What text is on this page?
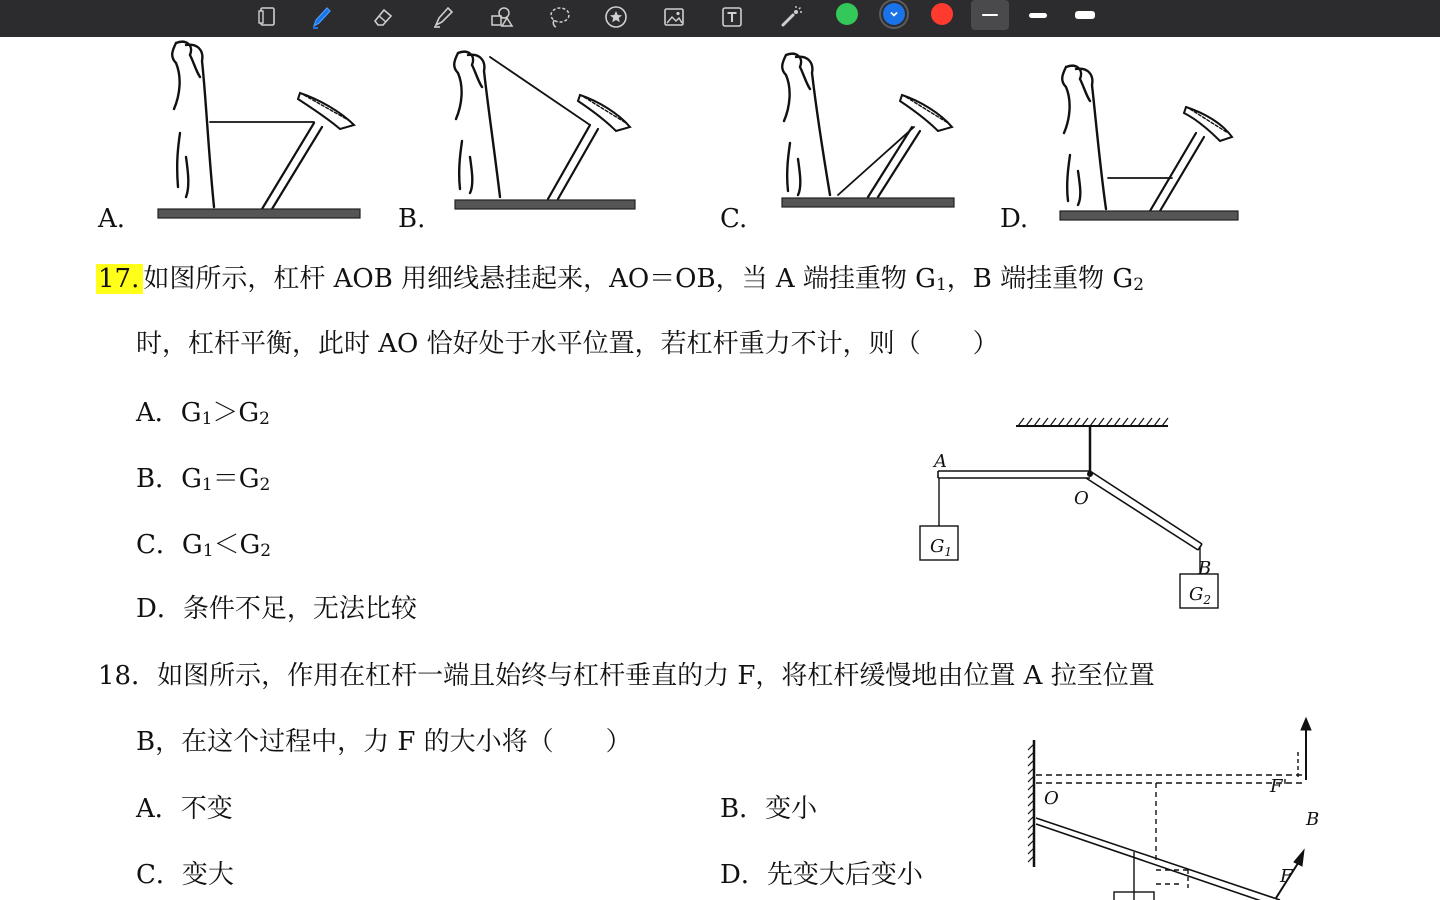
A.	B.	C.	D.
17. 如图所示，杠杆 AOB 用细线悬挂起来，AO＝OB，当 A 端挂重物 $G_1$，B 端挂重物 $G_2$
时，杠杆平衡，此时 AO 恰好处于水平位置，若杠杆重力不计，则（　　）
A．$G_1>G_2$
B．$G_1=G_2$
C．$G_1<G_2$
D．条件不足，无法比较
A
O
B
$G_1$
$G_2$
18．如图所示，作用在杠杆一端且始终与杠杆垂直的力 F，将杠杆缓慢地由位置 A 拉至位置
B，在这个过程中，力 F 的大小将（　　）
A．不变	B．变小
C．变大	D．先变大后变小
O
B
F'
F
